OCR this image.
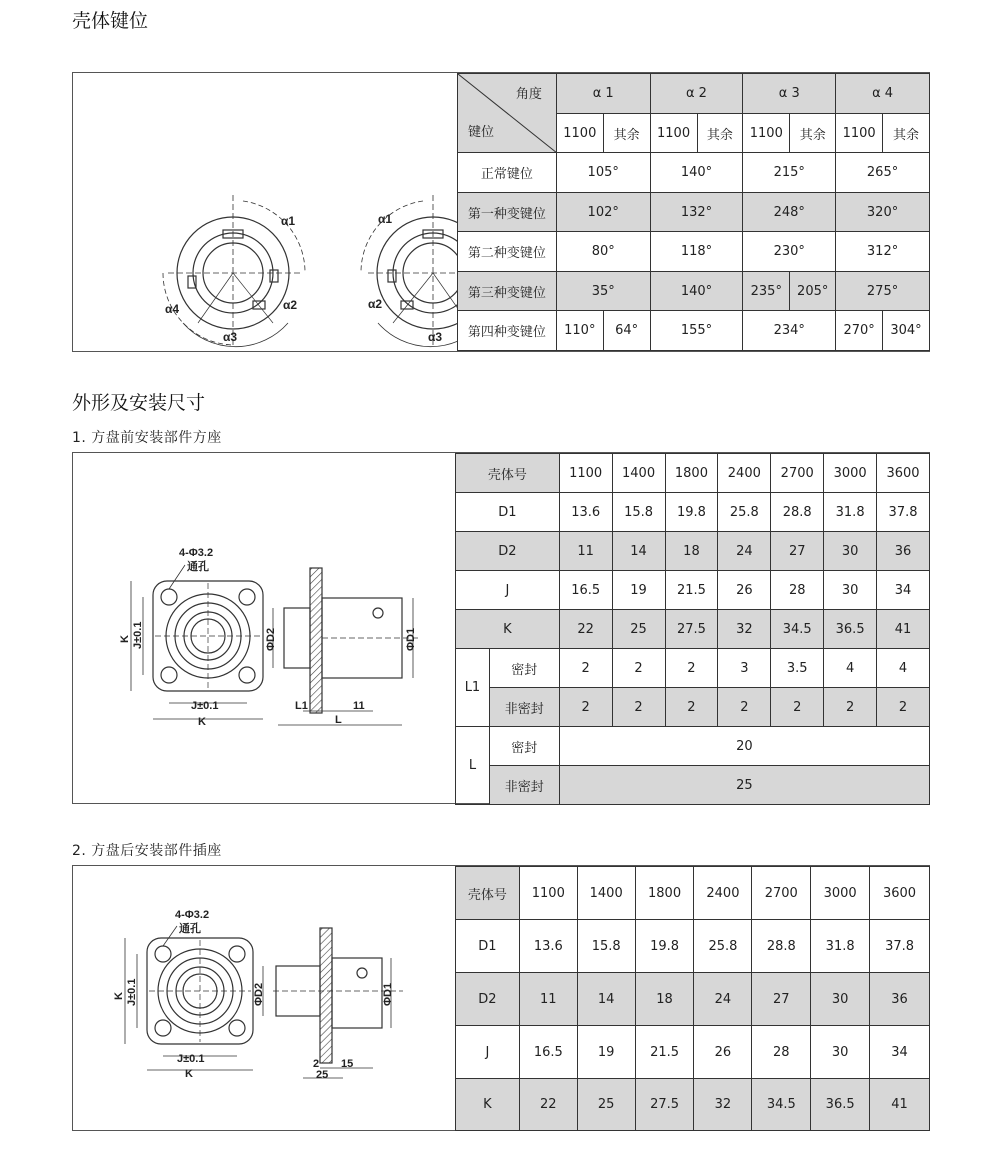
壳体键位
α1
α2
α3
α4
α1
α2
α3
角度
键位	α 1		α 2		α 3		α 4	
	1100	其余	1100	其余	1100	其余	1100	其余
正常键位	105°		140°		215°		265°	
第一种变键位	102°		132°		248°		320°	
第二种变键位	80°		118°		230°		312°	
第三种变键位	35°		140°		235°	205°	275°	
第四种变键位	110°	64°	155°		234°		270°	304°
外形及安装尺寸
1. 方盘前安装部件方座
4-Φ3.2
通孔
K J±0.1
J±0.1
K
ΦD2	ΦD1
L1	11
L
壳体号		1100	1400	1800	2400	2700	3000	3600
D1		13.6	15.8	19.8	25.8	28.8	31.8	37.8
D2		11	14	18	24	27	30	36
J		16.5	19	21.5	26	28	30	34
K		22	25	27.5	32	34.5	36.5	41
L1	密封	2	2	2	3	3.5	4	4
	非密封	2	2	2	2	2	2	2
L	密封	20						
	非密封	25						
2. 方盘后安装部件插座
4-Φ3.2
通孔
K J±0.1
J±0.1
K
ΦD2	ΦD1
2 15
25
壳体号	1100	1400	1800	2400	2700	3000	3600
D1	13.6	15.8	19.8	25.8	28.8	31.8	37.8
D2	11	14	18	24	27	30	36
J	16.5	19	21.5	26	28	30	34
K	22	25	27.5	32	34.5	36.5	41
